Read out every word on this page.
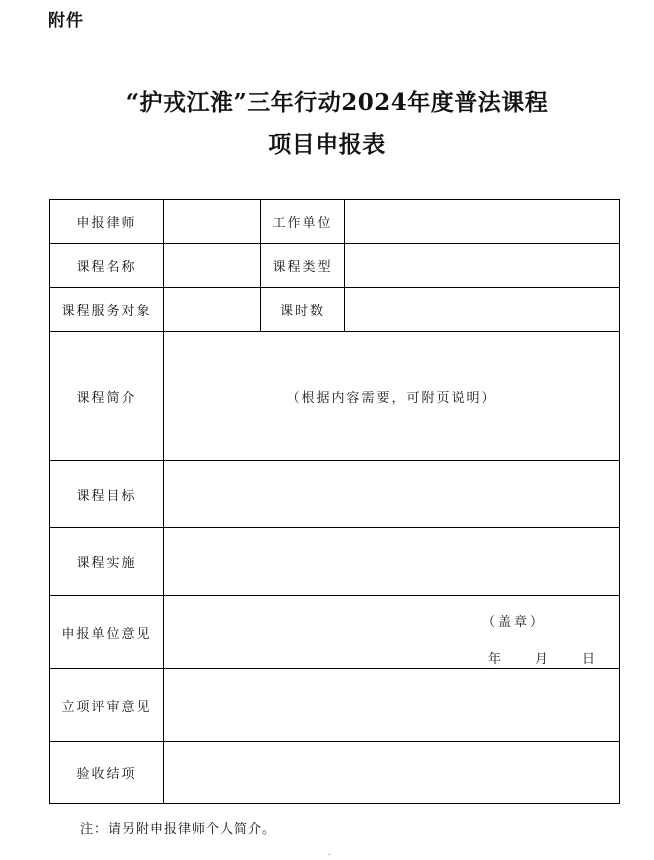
附件
“护戎江淮”三年行动2024年度普法课程
项目申报表
申报律师		工作单位	
课程名称		课程类型	
课程服务对象		课时数	
课程简介	（根据内容需要，可附页说明）		
课程目标			
课程实施			
申报单位意见	（盖章）
年 月 日		

立项评审意见			
验收结项			
注：请另附申报律师个人简介。
-
